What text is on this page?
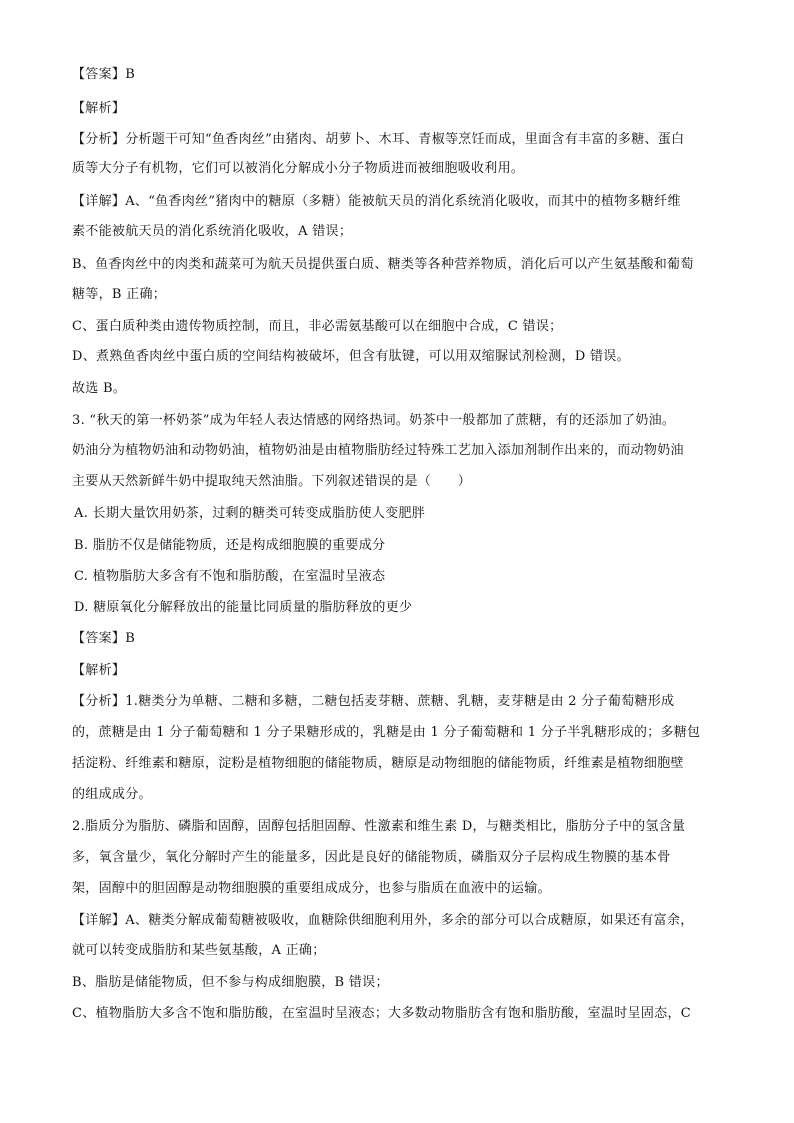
【答案】B
【解析】
【分析】分析题干可知“鱼香肉丝”由猪肉、胡萝卜、木耳、青椒等烹饪而成，里面含有丰富的多糖、蛋白
质等大分子有机物，它们可以被消化分解成小分子物质进而被细胞吸收利用。
【详解】A、“鱼香肉丝”猪肉中的糖原（多糖）能被航天员的消化系统消化吸收，而其中的植物多糖纤维
素不能被航天员的消化系统消化吸收，A 错误；
B、鱼香肉丝中的肉类和蔬菜可为航天员提供蛋白质、糖类等各种营养物质，消化后可以产生氨基酸和葡萄
糖等，B 正确；
C、蛋白质种类由遗传物质控制，而且，非必需氨基酸可以在细胞中合成，C 错误；
D、煮熟鱼香肉丝中蛋白质的空间结构被破坏，但含有肽键，可以用双缩脲试剂检测，D 错误。
故选 B。
3. “秋天的第一杯奶茶”成为年轻人表达情感的网络热词。奶茶中一般都加了蔗糖，有的还添加了奶油。
奶油分为植物奶油和动物奶油，植物奶油是由植物脂肪经过特殊工艺加入添加剂制作出来的，而动物奶油
主要从天然新鲜牛奶中提取纯天然油脂。下列叙述错误的是（　　）
A. 长期大量饮用奶茶，过剩的糖类可转变成脂肪使人变肥胖
B. 脂肪不仅是储能物质，还是构成细胞膜的重要成分
C. 植物脂肪大多含有不饱和脂肪酸，在室温时呈液态
D. 糖原氧化分解释放出的能量比同质量的脂肪释放的更少
【答案】B
【解析】
【分析】1.糖类分为单糖、二糖和多糖，二糖包括麦芽糖、蔗糖、乳糖，麦芽糖是由 2 分子葡萄糖形成
的，蔗糖是由 1 分子葡萄糖和 1 分子果糖形成的，乳糖是由 1 分子葡萄糖和 1 分子半乳糖形成的；多糖包
括淀粉、纤维素和糖原，淀粉是植物细胞的储能物质，糖原是动物细胞的储能物质，纤维素是植物细胞壁
的组成成分。
2.脂质分为脂肪、磷脂和固醇，固醇包括胆固醇、性激素和维生素 D，与糖类相比，脂肪分子中的氢含量
多，氧含量少，氧化分解时产生的能量多，因此是良好的储能物质，磷脂双分子层构成生物膜的基本骨
架，固醇中的胆固醇是动物细胞膜的重要组成成分，也参与脂质在血液中的运输。
【详解】A、糖类分解成葡萄糖被吸收，血糖除供细胞利用外，多余的部分可以合成糖原，如果还有富余，
就可以转变成脂肪和某些氨基酸，A 正确；
B、脂肪是储能物质，但不参与构成细胞膜，B 错误；
C、植物脂肪大多含不饱和脂肪酸，在室温时呈液态；大多数动物脂肪含有饱和脂肪酸，室温时呈固态，C
